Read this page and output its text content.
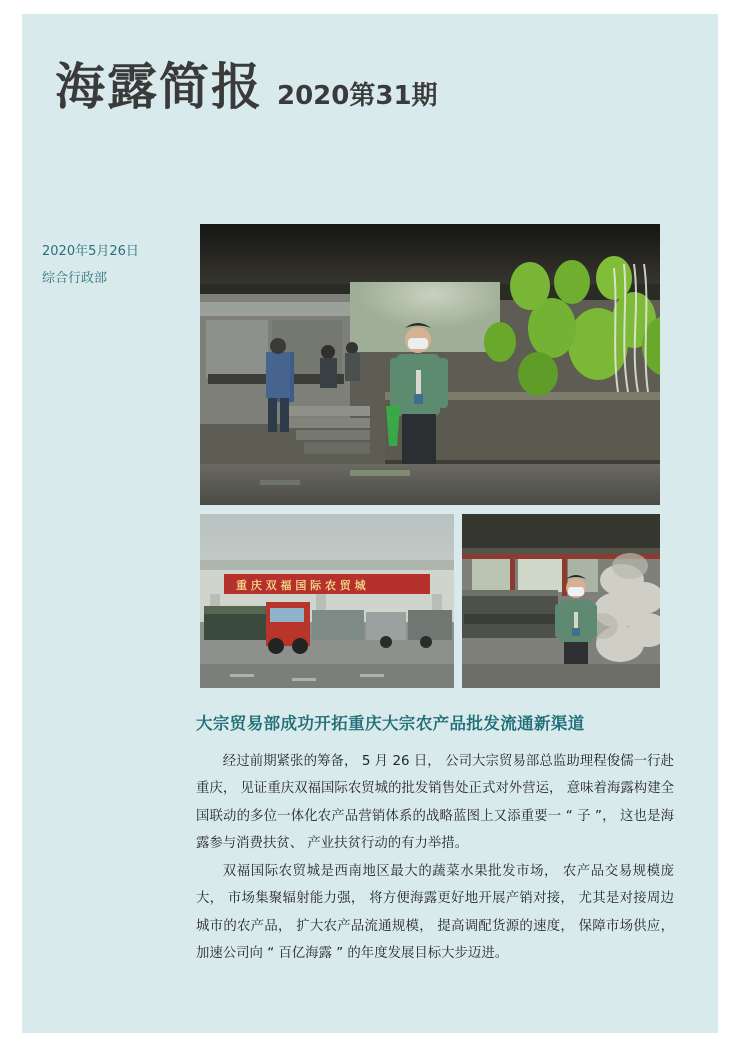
海露简报 2020第31期
2020年5月26日
综合行政部
重 庆 双 福 国 际 农 贸 城
大宗贸易部成功开拓重庆大宗农产品批发流通新渠道

经过前期紧张的筹备， 5 月 26 日， 公司大宗贸易部总监助理程俊儒一行赴重庆， 见证重庆双福国际农贸城的批发销售处正式对外营运， 意味着海露构建全国联动的多位一体化农产品营销体系的战略蓝图上又添重要一 “ 子 ”， 这也是海露参与消费扶贫、 产业扶贫行动的有力举措。

双福国际农贸城是西南地区最大的蔬菜水果批发市场， 农产品交易规模庞大， 市场集聚辐射能力强， 将方便海露更好地开展产销对接， 尤其是对接周边城市的农产品， 扩大农产品流通规模， 提高调配货源的速度， 保障市场供应， 加速公司向 “ 百亿海露 ” 的年度发展目标大步迈进。
